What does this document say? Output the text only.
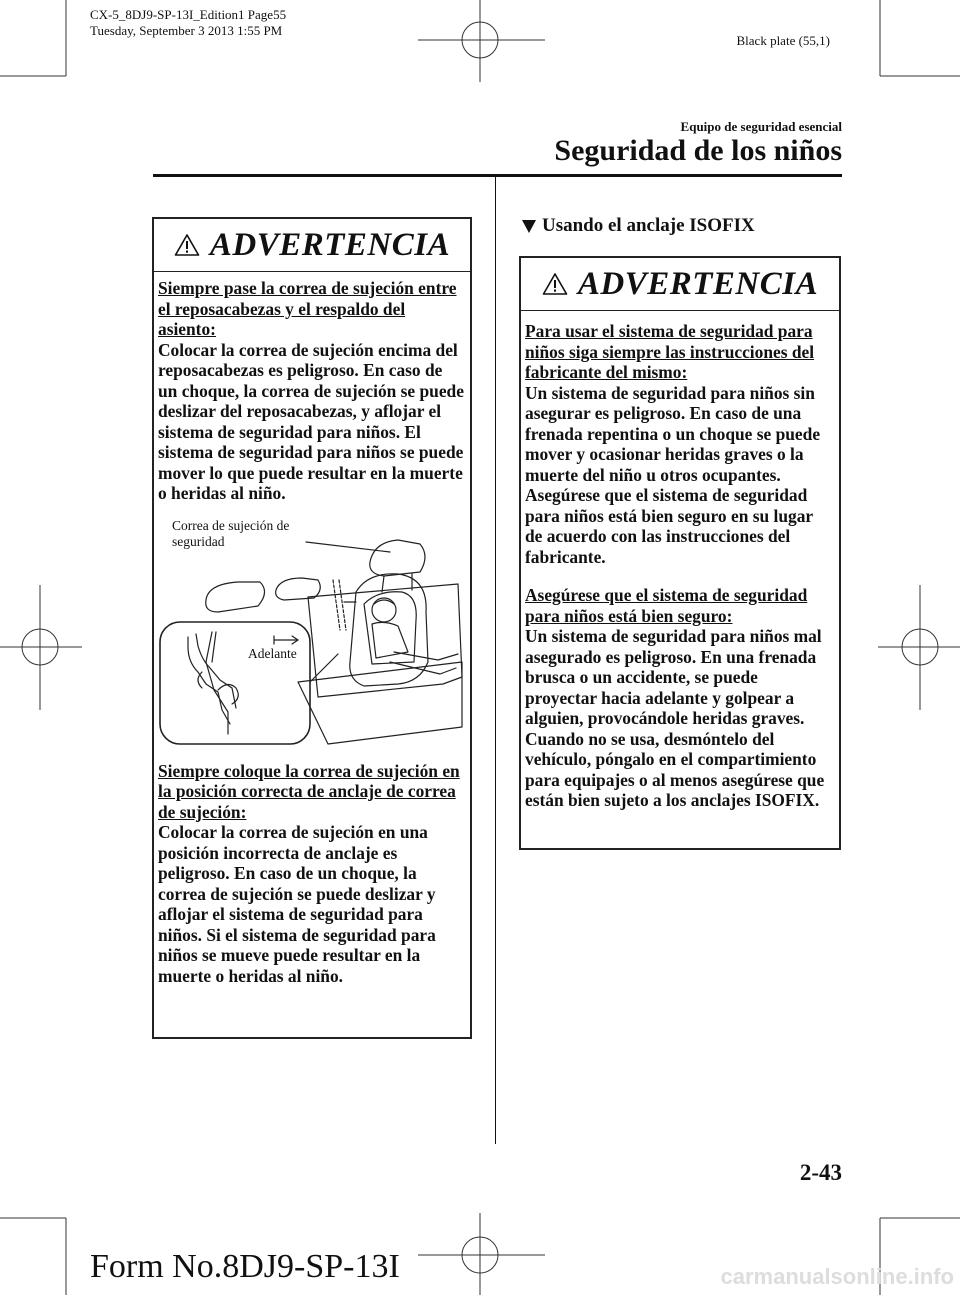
CX-5_8DJ9-SP-13I_Edition1 Page55
Tuesday, September 3 2013 1:55 PM
Black plate (55,1)
Equipo de seguridad esencial
Seguridad de los niños
ADVERTENCIA

Siempre pase la correa de sujeción entre el reposacabezas y el respaldo del asiento:

Colocar la correa de sujeción encima del reposacabezas es peligroso. En caso de un choque, la correa de sujeción se puede deslizar del reposacabezas, y aflojar el sistema de seguridad para niños. El sistema de seguridad para niños se puede mover lo que puede resultar en la muerte o heridas al niño.

Correa de sujeción de seguridad
Adelante

Siempre coloque la correa de sujeción en la posición correcta de anclaje de correa de sujeción:

Colocar la correa de sujeción en una posición incorrecta de anclaje es peligroso. En caso de un choque, la correa de sujeción se puede deslizar y aflojar el sistema de seguridad para niños. Si el sistema de seguridad para niños se mueve puede resultar en la muerte o heridas al niño.

Usando el anclaje ISOFIX
ADVERTENCIA

Para usar el sistema de seguridad para niños siga siempre las instrucciones del fabricante del mismo:

Un sistema de seguridad para niños sin asegurar es peligroso. En caso de una frenada repentina o un choque se puede mover y ocasionar heridas graves o la muerte del niño u otros ocupantes. Asegúrese que el sistema de seguridad para niños está bien seguro en su lugar de acuerdo con las instrucciones del fabricante.

Asegúrese que el sistema de seguridad para niños está bien seguro:

Un sistema de seguridad para niños mal asegurado es peligroso. En una frenada brusca o un accidente, se puede proyectar hacia adelante y golpear a alguien, provocándole heridas graves. Cuando no se usa, desmóntelo del vehículo, póngalo en el compartimiento para equipajes o al menos asegúrese que están bien sujeto a los anclajes ISOFIX.

2-43
Form No.8DJ9-SP-13I	carmanualsonline.info
